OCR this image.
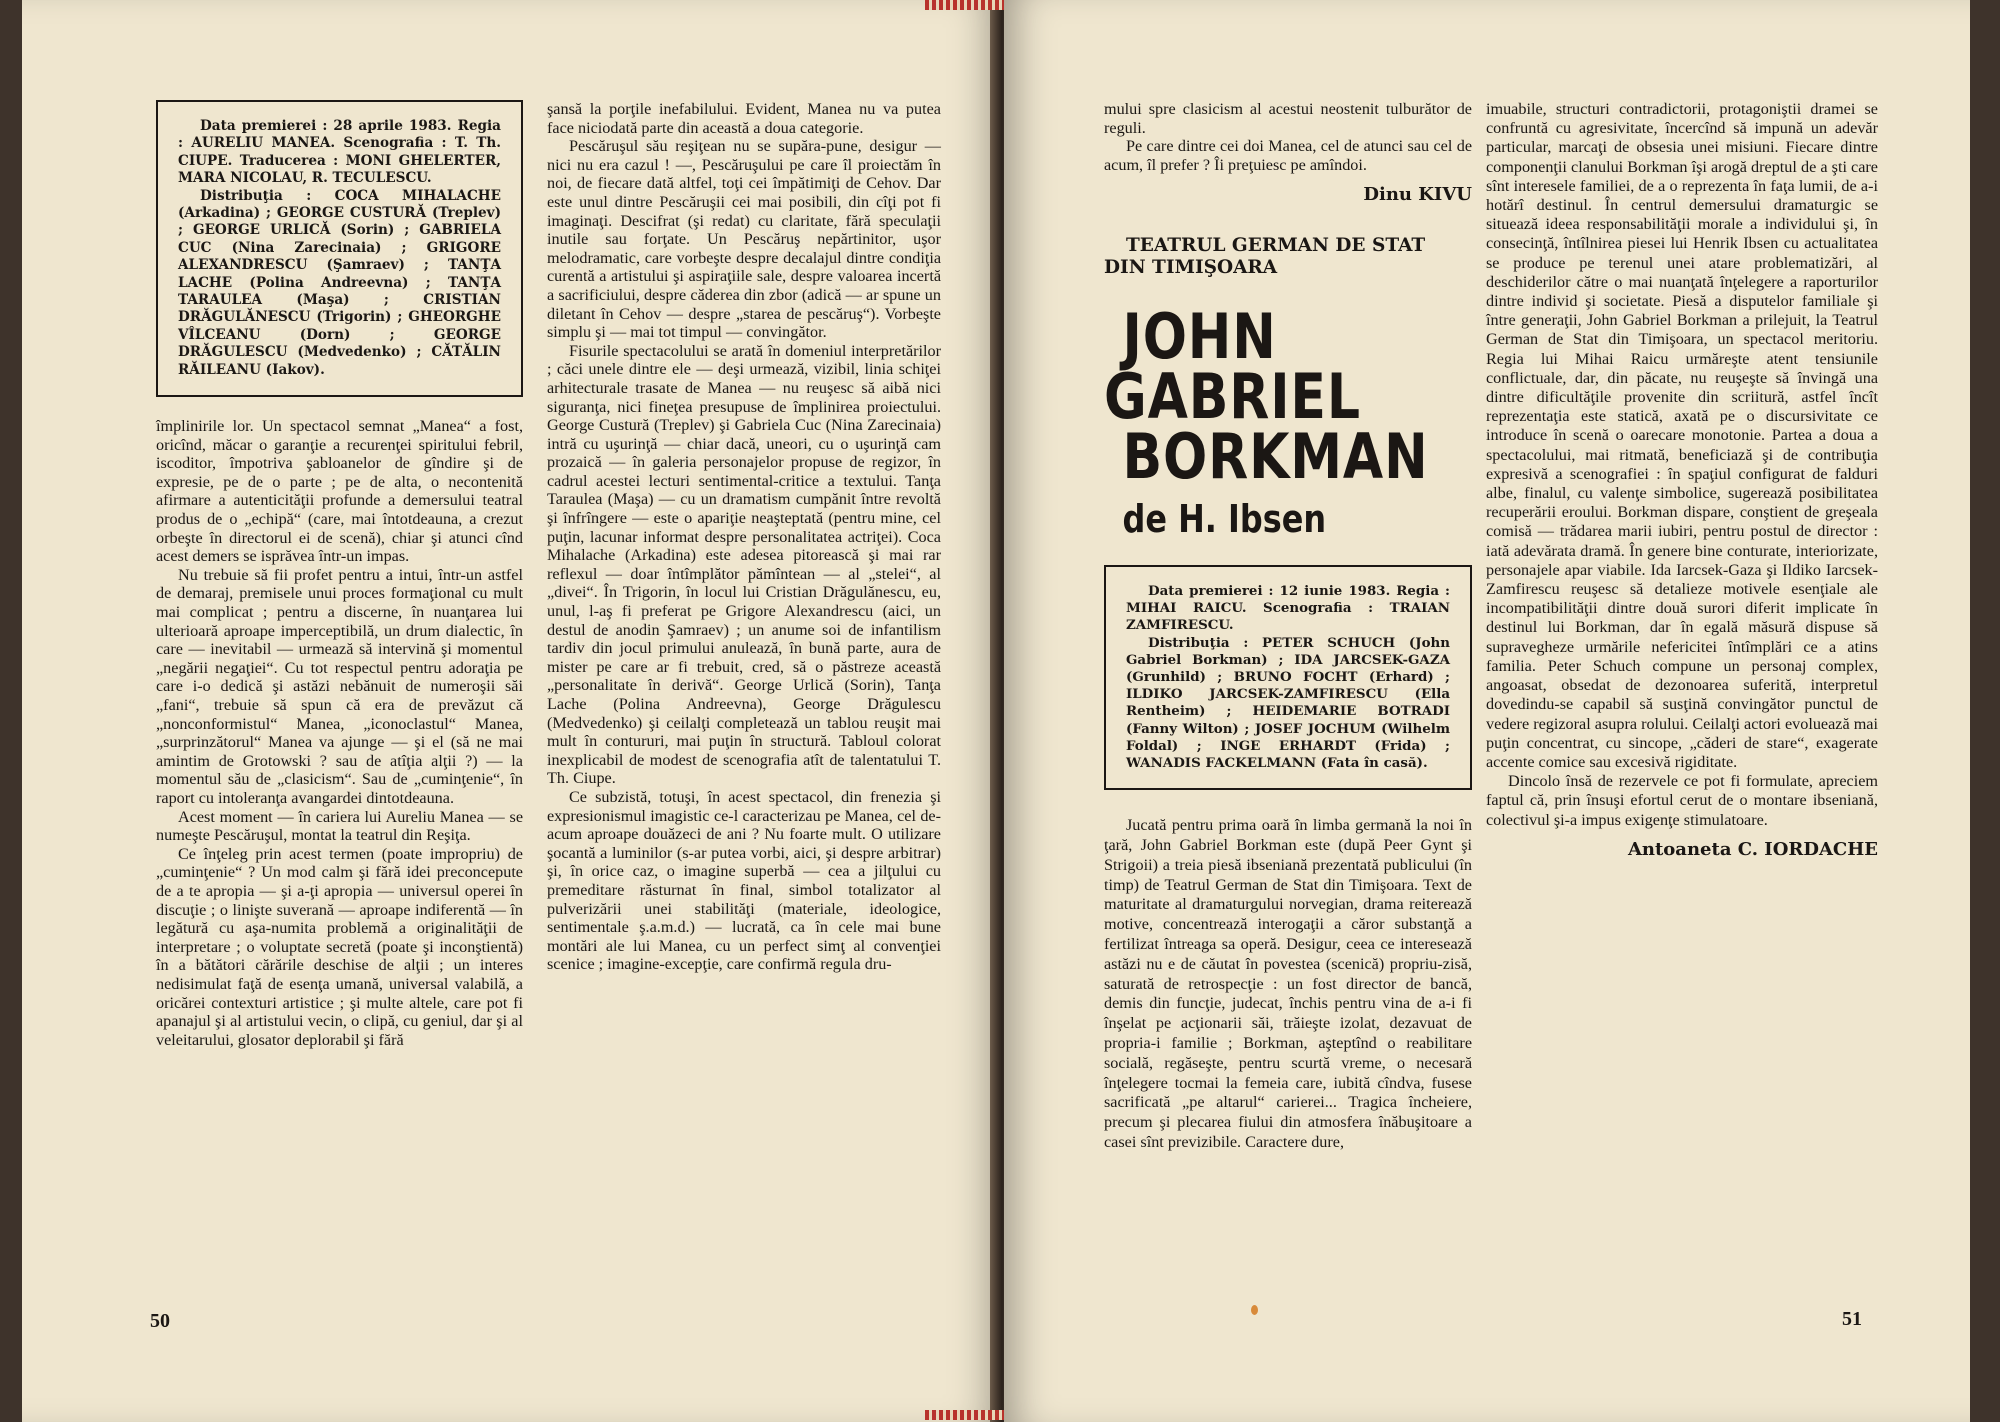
Data premierei : 28 aprile 1983. Regia : AURELIU MANEA. Scenografia : T. Th. CIUPE. Traducerea : MONI GHELERTER, MARA NICOLAU, R. TECULESCU.

Distribuţia : COCA MIHALACHE (Arkadina) ; GEORGE CUSTURĂ (Treplev) ; GEORGE URLICĂ (Sorin) ; GABRIELA CUC (Nina Zarecinaia) ; GRIGORE ALEXANDRESCU (Şamraev) ; TANŢA LACHE (Polina Andreevna) ; TANŢA TARAULEA (Maşa) ; CRISTIAN DRĂGULĂNESCU (Trigorin) ; GHEORGHE VÎLCEANU (Dorn) ; GEORGE DRĂGULESCU (Medvedenko) ; CĂTĂLIN RĂILEANU (Iakov).

împlinirile lor. Un spectacol semnat „Manea“ a fost, oricînd, măcar o garanţie a recurenţei spiritului febril, iscoditor, împotriva şabloanelor de gîndire şi de expresie, pe de o parte ; pe de alta, o necontenită afirmare a autenticităţii profunde a demersului teatral produs de o „echipă“ (care, mai întotdeauna, a crezut orbeşte în directorul ei de scenă), chiar şi atunci cînd acest demers se isprăvea într-un impas.

Nu trebuie să fii profet pentru a intui, într-un astfel de demaraj, premisele unui proces formaţional cu mult mai complicat ; pentru a discerne, în nuanţarea lui ulterioară aproape imperceptibilă, un drum dialectic, în care — inevitabil — urmează să intervină şi momentul „negării negaţiei“. Cu tot respectul pentru adoraţia pe care i-o dedică şi astăzi nebănuit de numeroşii săi „fani“, trebuie să spun că era de prevăzut că „nonconformistul“ Manea, „iconoclastul“ Manea, „surprinzătorul“ Manea va ajunge — şi el (să ne mai amintim de Grotowski ? sau de atîţia alţii ?) — la momentul său de „clasicism“. Sau de „cuminţenie“, în raport cu intoleranţa avangardei dintotdeauna.

Acest moment — în cariera lui Aureliu Manea — se numeşte Pescăruşul, montat la teatrul din Reşiţa.

Ce înţeleg prin acest termen (poate impropriu) de „cuminţenie“ ? Un mod calm şi fără idei preconcepute de a te apropia — şi a-ţi apropia — universul operei în discuţie ; o linişte suverană — aproape indiferentă — în legătură cu aşa-numita problemă a originalităţii de interpretare ; o voluptate secretă (poate şi inconştientă) în a bătători cărările deschise de alţii ; un interes nedisimulat faţă de esenţa umană, universal valabilă, a oricărei contexturi artistice ; şi multe altele, care pot fi apanajul şi al artistului vecin, o clipă, cu geniul, dar şi al veleitarului, glosator deplorabil şi fără

şansă la porţile inefabilului. Evident, Manea nu va putea face niciodată parte din această a doua categorie.

Pescăruşul său reşiţean nu se supăra-pune, desigur — nici nu era cazul ! —, Pescăruşului pe care îl proiectăm în noi, de fiecare dată altfel, toţi cei împătimiţi de Cehov. Dar este unul dintre Pescăruşii cei mai posibili, din cîţi pot fi imaginaţi. Descifrat (şi redat) cu claritate, fără speculaţii inutile sau forţate. Un Pescăruş nepărtinitor, uşor melodramatic, care vorbeşte despre decalajul dintre condiţia curentă a artistului şi aspiraţiile sale, despre valoarea incertă a sacrificiului, despre căderea din zbor (adică — ar spune un diletant în Cehov — despre „starea de pescăruş“). Vorbeşte simplu şi — mai tot timpul — convingător.

Fisurile spectacolului se arată în domeniul interpretărilor ; căci unele dintre ele — deşi urmează, vizibil, linia schiţei arhitecturale trasate de Manea — nu reuşesc să aibă nici siguranţa, nici fineţea presupuse de împlinirea proiectului. George Custură (Treplev) şi Gabriela Cuc (Nina Zarecinaia) intră cu uşurinţă — chiar dacă, uneori, cu o uşurinţă cam prozaică — în galeria personajelor propuse de regizor, în cadrul acestei lecturi sentimental-critice a textului. Tanţa Taraulea (Maşa) — cu un dramatism cumpănit între revoltă şi înfrîngere — este o apariţie neaşteptată (pentru mine, cel puţin, lacunar informat despre personalitatea actriţei). Coca Mihalache (Arkadina) este adesea pitorească şi mai rar reflexul — doar întîmplător pămîntean — al „stelei“, al „divei“. În Trigorin, în locul lui Cristian Drăgulănescu, eu, unul, l-aş fi preferat pe Grigore Alexandrescu (aici, un destul de anodin Şamraev) ; un anume soi de infantilism tardiv din jocul primului anulează, în bună parte, aura de mister pe care ar fi trebuit, cred, să o păstreze această „personalitate în derivă“. George Urlică (Sorin), Tanţa Lache (Polina Andreevna), George Drăgulescu (Medvedenko) şi ceilalţi completează un tablou reuşit mai mult în contururi, mai puţin în structură. Tabloul colorat inexplicabil de modest de scenografia atît de talentatului T. Th. Ciupe.

Ce subzistă, totuşi, în acest spectacol, din frenezia şi expresionismul imagistic ce-l caracterizau pe Manea, cel de-acum aproape douăzeci de ani ? Nu foarte mult. O utilizare şocantă a luminilor (s-ar putea vorbi, aici, şi despre arbitrar) şi, în orice caz, o imagine superbă — cea a jilţului cu premeditare răsturnat în final, simbol totalizator al pulverizării unei stabilităţi (materiale, ideologice, sentimentale ş.a.m.d.) — lucrată, ca în cele mai bune montări ale lui Manea, cu un perfect simţ al convenţiei scenice ; imagine-excepţie, care confirmă regula dru-

50

mului spre clasicism al acestui neostenit tulburător de reguli.

Pe care dintre cei doi Manea, cel de atunci sau cel de acum, îl prefer ? Îi preţuiesc pe amîndoi.

Dinu KIVU

TEATRUL GERMAN DE STAT DIN TIMIŞOARA

JOHN GABRIEL

BORKMAN

de H. Ibsen

Data premierei : 12 iunie 1983. Regia : MIHAI RAICU. Scenografia : TRAIAN ZAMFIRESCU.

Distribuţia : PETER SCHUCH (John Gabriel Borkman) ; IDA JARCSEK-GAZA (Grunhild) ; BRUNO FOCHT (Erhard) ; ILDIKO JARCSEK-ZAMFIRESCU (Ella Rentheim) ; HEIDEMARIE BOTRADI (Fanny Wilton) ; JOSEF JOCHUM (Wilhelm Foldal) ; INGE ERHARDT (Frida) ; WANADIS FACKELMANN (Fata în casă).

Jucată pentru prima oară în limba germană la noi în ţară, John Gabriel Borkman este (după Peer Gynt şi Strigoii) a treia piesă ibseniană prezentată publicului (în timp) de Teatrul German de Stat din Timişoara. Text de maturitate al dramaturgului norvegian, drama reiterează motive, concentrează interogaţii a căror substanţă a fertilizat întreaga sa operă. Desigur, ceea ce interesează astăzi nu e de căutat în povestea (scenică) propriu-zisă, saturată de retrospecţie : un fost director de bancă, demis din funcţie, judecat, închis pentru vina de a-i fi înşelat pe acţionarii săi, trăieşte izolat, dezavuat de propria-i familie ; Borkman, aşteptînd o reabilitare socială, regăseşte, pentru scurtă vreme, o necesară înţelegere tocmai la femeia care, iubită cîndva, fusese sacrificată „pe altarul“ carierei... Tragica încheiere, precum şi plecarea fiului din atmosfera înăbuşitoare a casei sînt previzibile. Caractere dure,

imuabile, structuri contradictorii, protagoniştii dramei se confruntă cu agresivitate, încercînd să impună un adevăr particular, marcaţi de obsesia unei misiuni. Fiecare dintre componenţii clanului Borkman îşi arogă dreptul de a şti care sînt interesele familiei, de a o reprezenta în faţa lumii, de a-i hotărî destinul. În centrul demersului dramaturgic se situează ideea responsabilităţii morale a individului şi, în consecinţă, întîlnirea piesei lui Henrik Ibsen cu actualitatea se produce pe terenul unei atare problematizări, al deschiderilor către o mai nuanţată înţelegere a raporturilor dintre individ şi societate. Piesă a disputelor familiale şi între generaţii, John Gabriel Borkman a prilejuit, la Teatrul German de Stat din Timişoara, un spectacol meritoriu. Regia lui Mihai Raicu urmăreşte atent tensiunile conflictuale, dar, din păcate, nu reuşeşte să învingă una dintre dificultăţile provenite din scriitură, astfel încît reprezentaţia este statică, axată pe o discursivitate ce introduce în scenă o oarecare monotonie. Partea a doua a spectacolului, mai ritmată, beneficiază şi de contribuţia expresivă a scenografiei : în spaţiul configurat de falduri albe, finalul, cu valenţe simbolice, sugerează posibilitatea recuperării eroului. Borkman dispare, conştient de greşeala comisă — trădarea marii iubiri, pentru postul de director : iată adevărata dramă. În genere bine conturate, interiorizate, personajele apar viabile. Ida Iarcsek-Gaza şi Ildiko Iarcsek-Zamfirescu reuşesc să detalieze motivele esenţiale ale incompatibilităţii dintre două surori diferit implicate în destinul lui Borkman, dar în egală măsură dispuse să supravegheze urmările nefericitei întîmplări ce a atins familia. Peter Schuch compune un personaj complex, angoasat, obsedat de dezonoarea suferită, interpretul dovedindu-se capabil să susţină convingător punctul de vedere regizoral asupra rolului. Ceilalţi actori evoluează mai puţin concentrat, cu sincope, „căderi de stare“, exagerate accente comice sau excesivă rigiditate.

Dincolo însă de rezervele ce pot fi formulate, apreciem faptul că, prin însuşi efortul cerut de o montare ibseniană, colectivul şi-a impus exigenţe stimulatoare.

Antoaneta C. IORDACHE

51
